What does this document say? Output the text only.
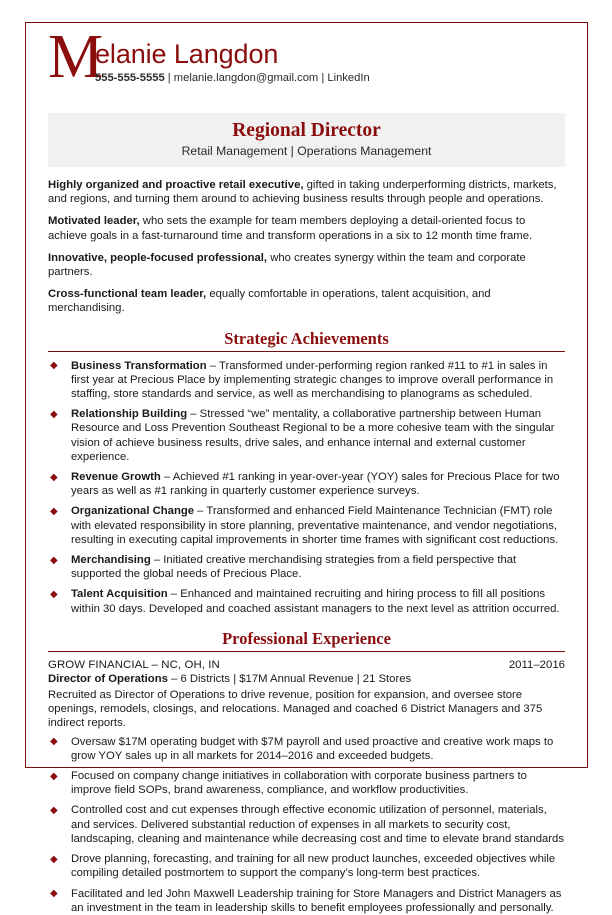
M
elanie Langdon
555-555-5555 | melanie.langdon@gmail.com | LinkedIn
Regional Director
Retail Management | Operations Management

Highly organized and proactive retail executive, gifted in taking underperforming districts, markets, and regions, and turning them around to achieving business results through people and operations.

Motivated leader, who sets the example for team members deploying a detail-oriented focus to achieve goals in a fast-turnaround time and transform operations in a six to 12 month time frame.

Innovative, people-focused professional, who creates synergy within the team and corporate partners.

Cross-functional team leader, equally comfortable in operations, talent acquisition, and merchandising.

Strategic Achievements
◆ Business Transformation – Transformed under-performing region ranked #11 to #1 in sales in first year at Precious Place by implementing strategic changes to improve overall performance in staffing, store standards and service, as well as merchandising to planograms as scheduled.
◆ Relationship Building – Stressed “we” mentality, a collaborative partnership between Human Resource and Loss Prevention Southeast Regional to be a more cohesive team with the singular vision of achieve business results, drive sales, and enhance internal and external customer experience.
◆ Revenue Growth – Achieved #1 ranking in year-over-year (YOY) sales for Precious Place for two years as well as #1 ranking in quarterly customer experience surveys.
◆ Organizational Change – Transformed and enhanced Field Maintenance Technician (FMT) role with elevated responsibility in store planning, preventative maintenance, and vendor negotiations, resulting in executing capital improvements in shorter time frames with significant cost reductions.
◆ Merchandising – Initiated creative merchandising strategies from a field perspective that supported the global needs of Precious Place.
◆ Talent Acquisition – Enhanced and maintained recruiting and hiring process to fill all positions within 30 days. Developed and coached assistant managers to the next level as attrition occurred.
Professional Experience
GROW FINANCIAL – NC, OH, IN	2011–2016
Director of Operations – 6 Districts | $17M Annual Revenue | 21 Stores

Recruited as Director of Operations to drive revenue, position for expansion, and oversee store openings, remodels, closings, and relocations. Managed and coached 6 District Managers and 375 indirect reports.

◆ Oversaw $17M operating budget with $7M payroll and used proactive and creative work maps to grow YOY sales up in all markets for 2014–2016 and exceeded budgets.
◆ Focused on company change initiatives in collaboration with corporate business partners to improve field SOPs, brand awareness, compliance, and workflow productivities.
◆ Controlled cost and cut expenses through effective economic utilization of personnel, materials, and services. Delivered substantial reduction of expenses in all markets to security cost, landscaping, cleaning and maintenance while decreasing cost and time to elevate brand standards
◆ Drove planning, forecasting, and training for all new product launches, exceeded objectives while compiling detailed postmortem to support the company’s long-term best practices.
◆ Facilitated and led John Maxwell Leadership training for Store Managers and District Managers as an investment in the team in leadership skills to benefit employees professionally and personally.
